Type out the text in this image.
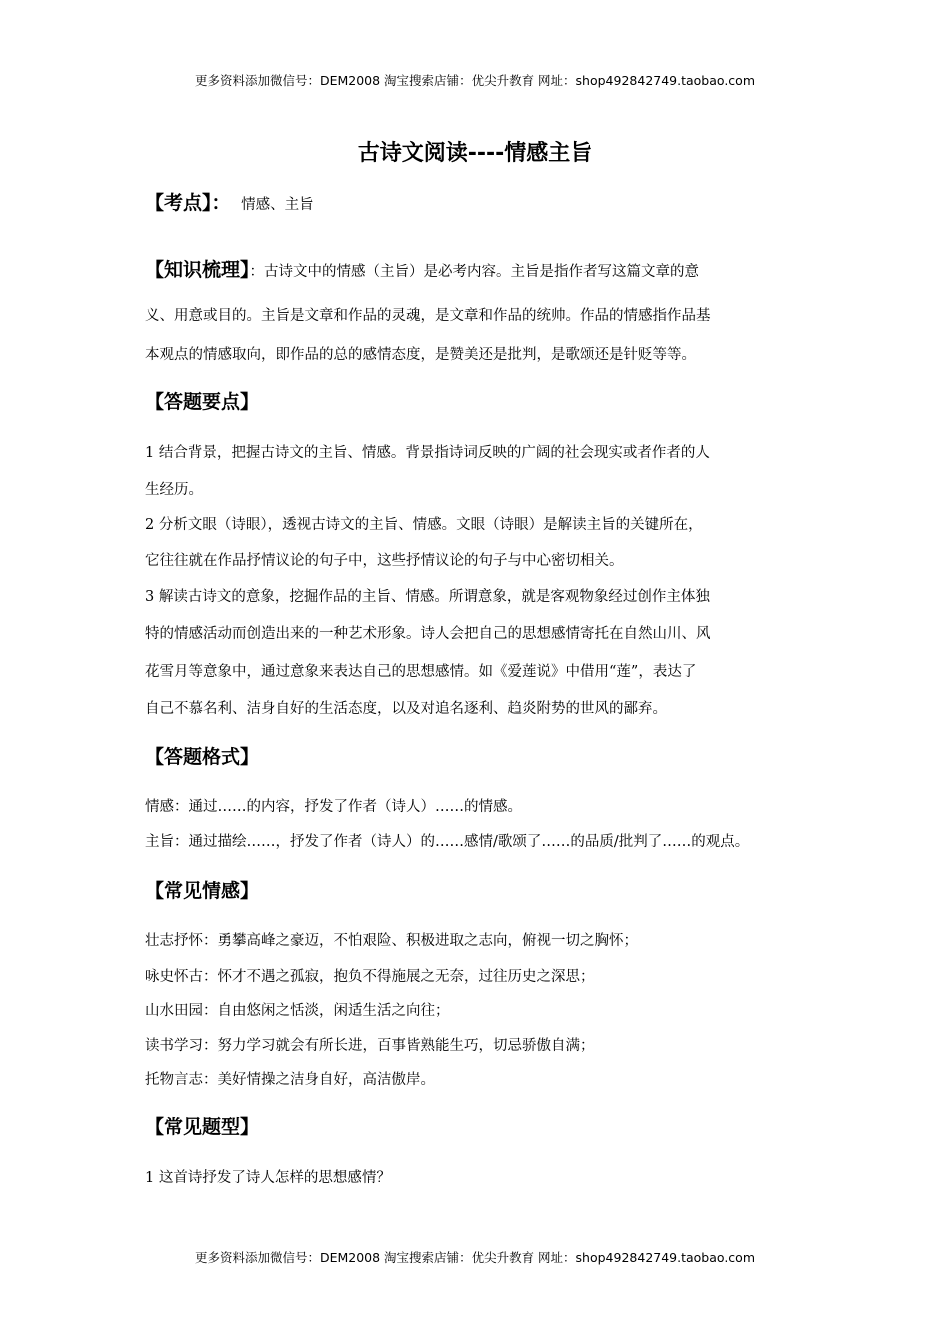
更多资料添加微信号：DEM2008 淘宝搜索店铺：优尖升教育 网址：shop492842749.taobao.com
古诗文阅读----情感主旨
【考点】： 情感、主旨
【知识梳理】：古诗文中的情感（主旨）是必考内容。主旨是指作者写这篇文章的意
义、用意或目的。主旨是文章和作品的灵魂，是文章和作品的统帅。作品的情感指作品基
本观点的情感取向，即作品的总的感情态度，是赞美还是批判，是歌颂还是针贬等等。
【答题要点】
1 结合背景，把握古诗文的主旨、情感。背景指诗词反映的广阔的社会现实或者作者的人
生经历。
2 分析文眼（诗眼），透视古诗文的主旨、情感。文眼（诗眼）是解读主旨的关键所在，
它往往就在作品抒情议论的句子中，这些抒情议论的句子与中心密切相关。
3 解读古诗文的意象，挖掘作品的主旨、情感。所谓意象，就是客观物象经过创作主体独
特的情感活动而创造出来的一种艺术形象。诗人会把自己的思想感情寄托在自然山川、风
花雪月等意象中，通过意象来表达自己的思想感情。如《爱莲说》中借用“莲”，表达了
自己不慕名利、洁身自好的生活态度，以及对追名逐利、趋炎附势的世风的鄙弃。
【答题格式】
情感：通过……的内容，抒发了作者（诗人）……的情感。
主旨：通过描绘……，抒发了作者（诗人）的……感情/歌颂了……的品质/批判了……的观点。
【常见情感】
壮志抒怀：勇攀高峰之豪迈，不怕艰险、积极进取之志向，俯视一切之胸怀；
咏史怀古：怀才不遇之孤寂，抱负不得施展之无奈，过往历史之深思；
山水田园：自由悠闲之恬淡，闲适生活之向往；
读书学习：努力学习就会有所长进，百事皆熟能生巧，切忌骄傲自满；
托物言志：美好情操之洁身自好，高洁傲岸。
【常见题型】
1 这首诗抒发了诗人怎样的思想感情？
更多资料添加微信号：DEM2008 淘宝搜索店铺：优尖升教育 网址：shop492842749.taobao.com
